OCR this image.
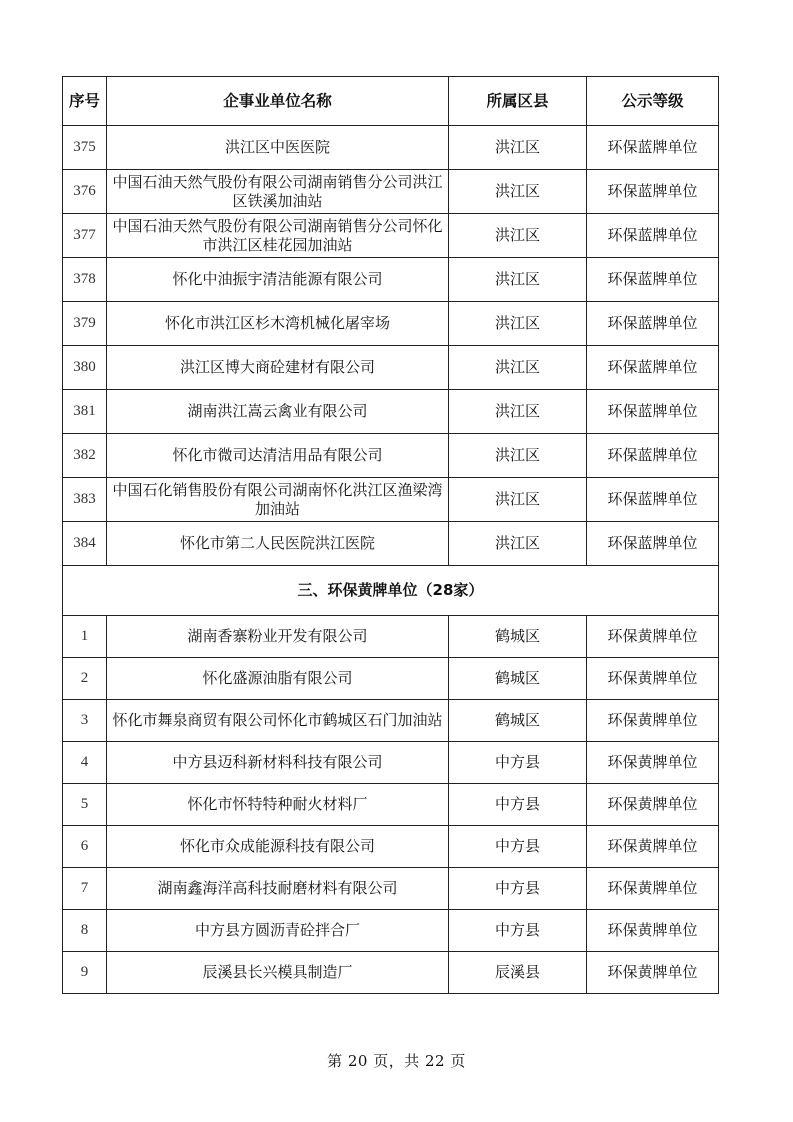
序号	企事业单位名称	所属区县	公示等级
375	洪江区中医医院	洪江区	环保蓝牌单位
376	中国石油天然气股份有限公司湖南销售分公司洪江区铁溪加油站	洪江区	环保蓝牌单位
377	中国石油天然气股份有限公司湖南销售分公司怀化市洪江区桂花园加油站	洪江区	环保蓝牌单位
378	怀化中油振宇清洁能源有限公司	洪江区	环保蓝牌单位
379	怀化市洪江区杉木湾机械化屠宰场	洪江区	环保蓝牌单位
380	洪江区博大商砼建材有限公司	洪江区	环保蓝牌单位
381	湖南洪江嵩云禽业有限公司	洪江区	环保蓝牌单位
382	怀化市微司达清洁用品有限公司	洪江区	环保蓝牌单位
383	中国石化销售股份有限公司湖南怀化洪江区渔梁湾加油站	洪江区	环保蓝牌单位
384	怀化市第二人民医院洪江医院	洪江区	环保蓝牌单位
三、环保黄牌单位（28家）			
1	湖南香寨粉业开发有限公司	鹤城区	环保黄牌单位
2	怀化盛源油脂有限公司	鹤城区	环保黄牌单位
3	怀化市舞泉商贸有限公司怀化市鹤城区石门加油站	鹤城区	环保黄牌单位
4	中方县迈科新材料科技有限公司	中方县	环保黄牌单位
5	怀化市怀特特种耐火材料厂	中方县	环保黄牌单位
6	怀化市众成能源科技有限公司	中方县	环保黄牌单位
7	湖南鑫海洋高科技耐磨材料有限公司	中方县	环保黄牌单位
8	中方县方圆沥青砼拌合厂	中方县	环保黄牌单位
9	辰溪县长兴模具制造厂	辰溪县	环保黄牌单位
第 20 页，共 22 页
